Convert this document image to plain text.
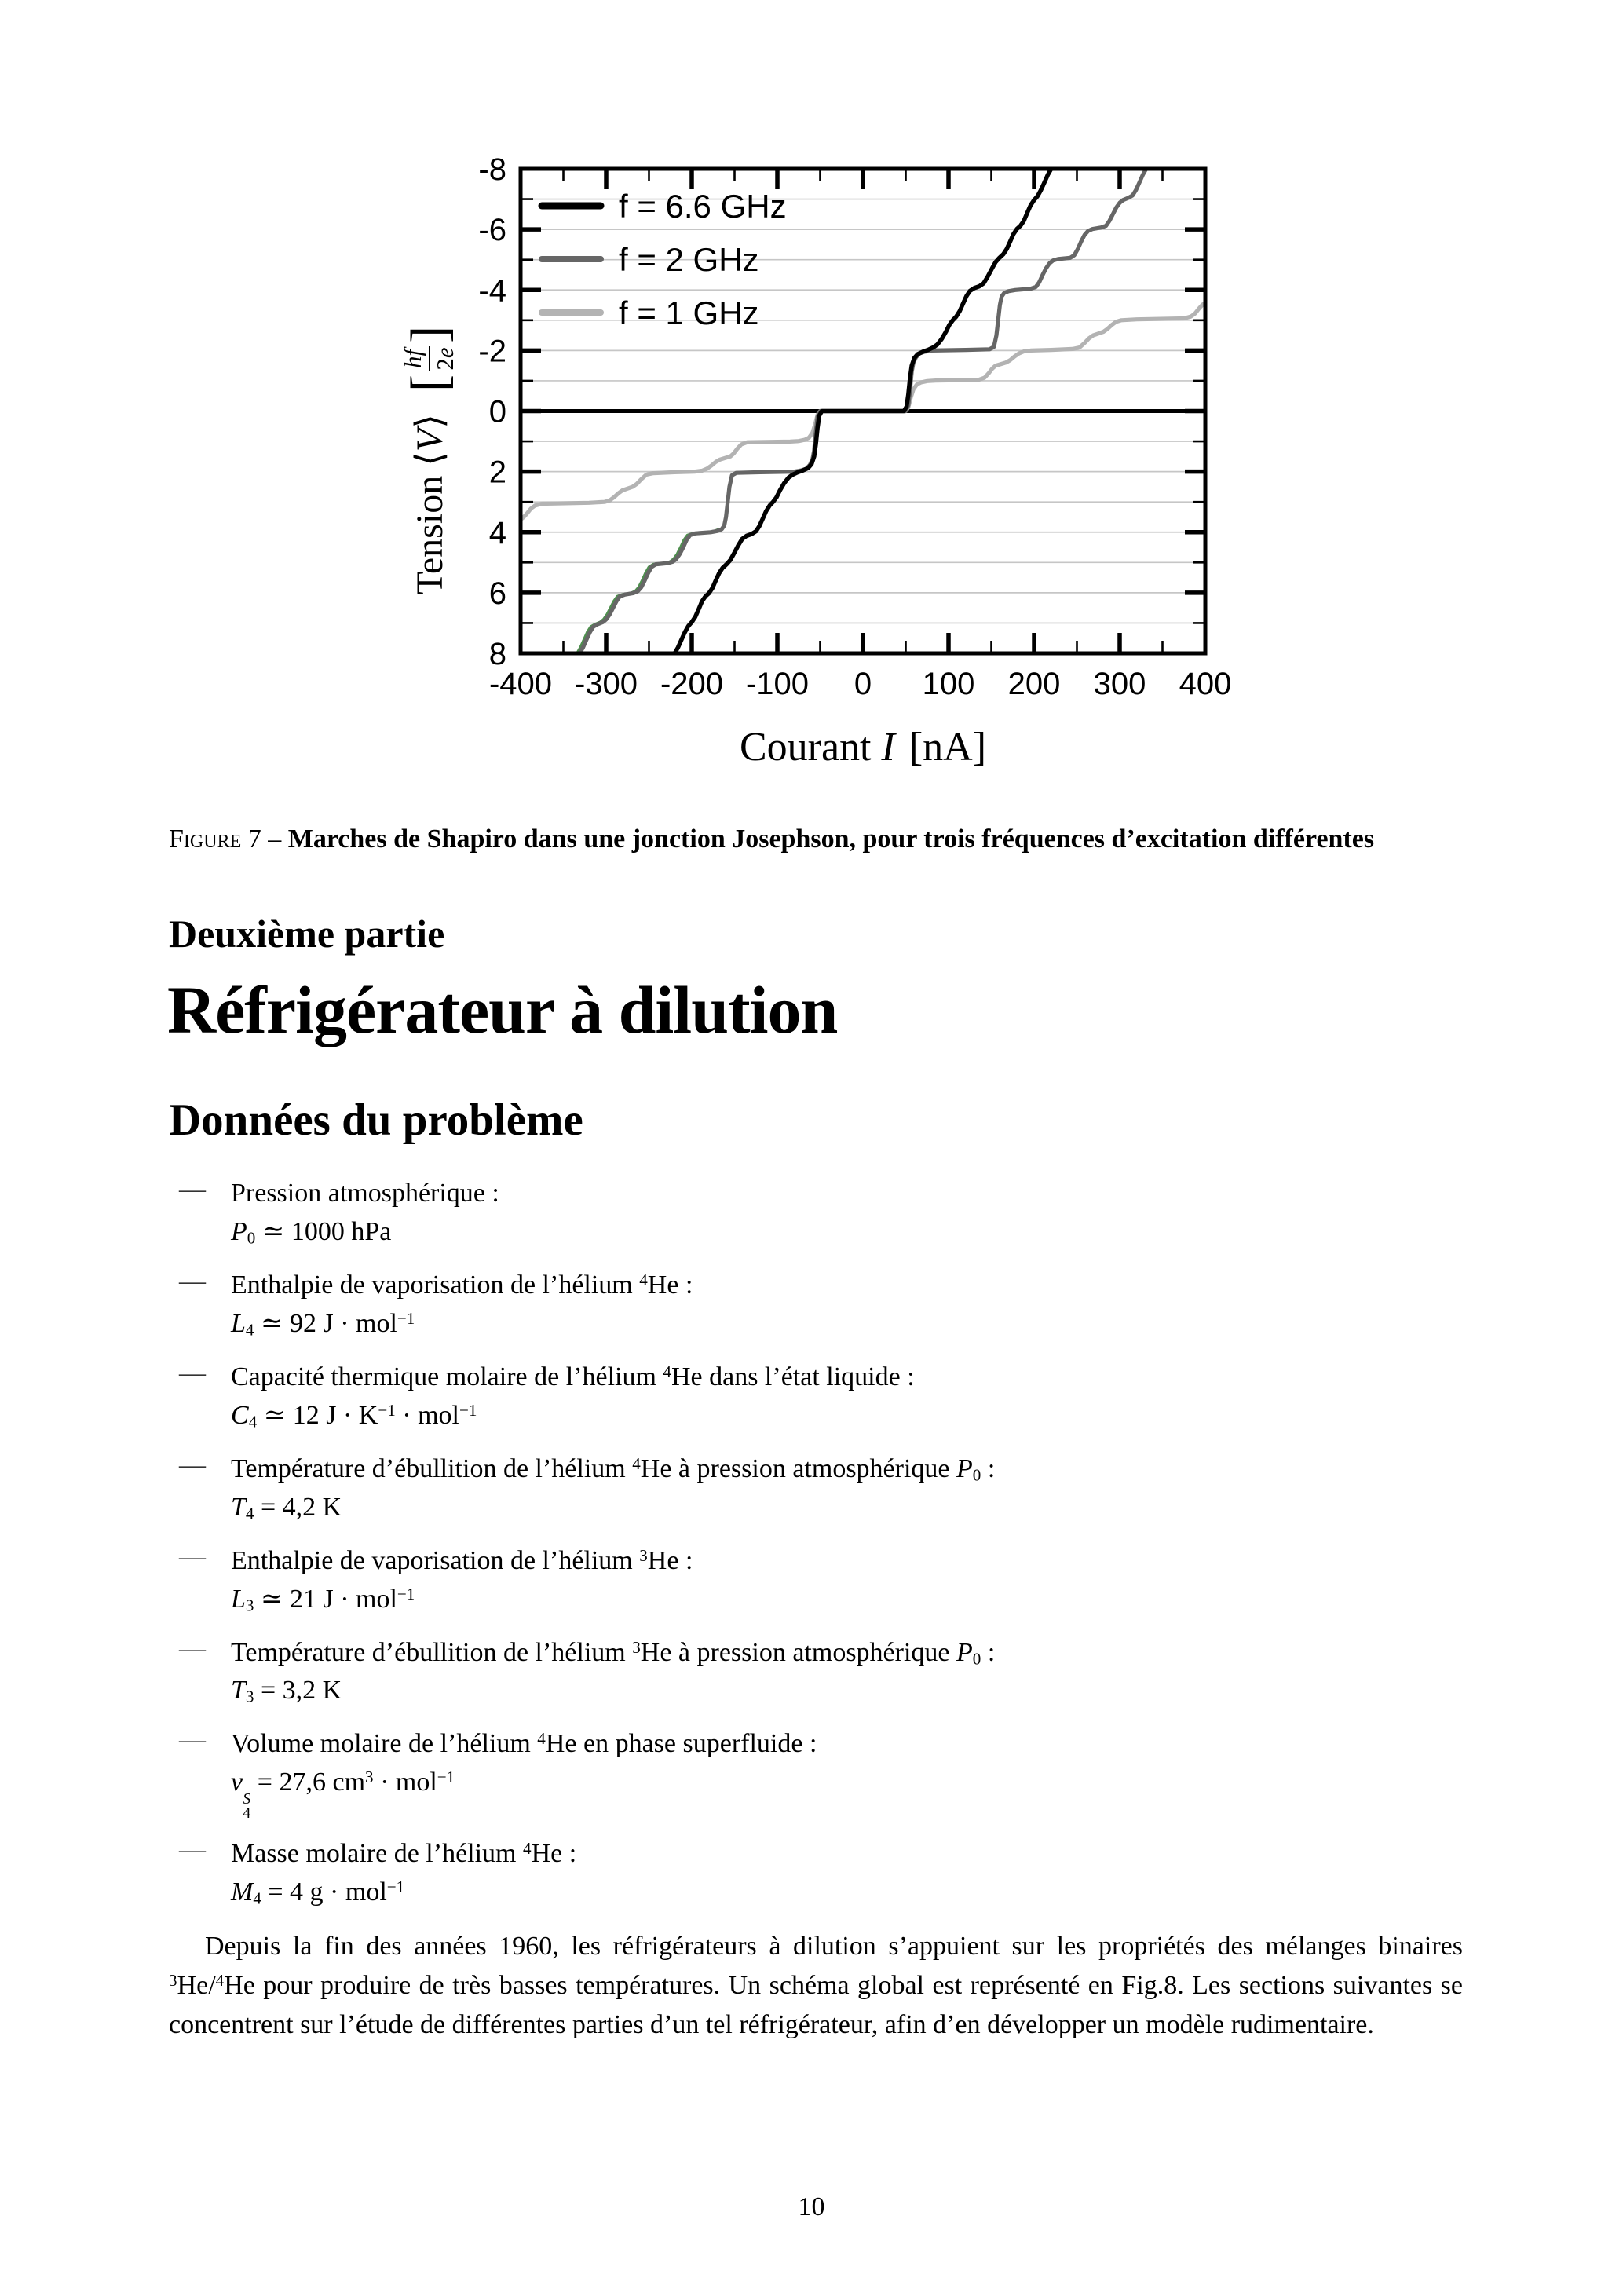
-400 -300 -200 -100 0 100 200 300 400
-8
-6
-4
-2
0
2
4
6
8
f = 6.6 GHz
f = 2 GHz
f = 1 GHz
Courant I [nA]
Tension
⟨
V
⟩
[
hf 2e
]

Figure 7 – Marches de Shapiro dans une jonction Josephson, pour trois fréquences d’excitation différentes

Deuxième partie
Réfrigérateur à dilution
Données du problème
— Pression atmosphérique :
P0 ≃ 1000 hPa
— Enthalpie de vaporisation de l’hélium $^4$He :
L4 ≃ 92 J · mol$^{-1}$
— Capacité thermique molaire de l’hélium $^4$He dans l’état liquide :
C4 ≃ 12 $J \cdot K^{-1} \cdot mol^{-1}$
— Température d’ébullition de l’hélium $^4$He à pression atmosphérique P0 :
T4 = 4,2 K
— Enthalpie de vaporisation de l’hélium $^3$He :
L3 ≃ 21 J · mol$^{-1}$
— Température d’ébullition de l’hélium $^3$He à pression atmosphérique P0 :
T3 = 3,2 K
— Volume molaire de l’hélium $^4$He en phase superfluide :
v
S
4
= 27,6 $cm^3 \cdot mol^{-1}$
— Masse molaire de l’hélium $^4$He :
M4 = 4 g · mol$^{-1}$

Depuis la fin des années 1960, les réfrigérateurs à dilution s’appuient sur les propriétés des mélanges binaires $^3$He/$^4$He pour produire de très basses températures. Un schéma global est représenté en Fig.8. Les sections suivantes se concentrent sur l’étude de différentes parties d’un tel réfrigérateur, afin d’en développer un modèle rudimentaire.

10
